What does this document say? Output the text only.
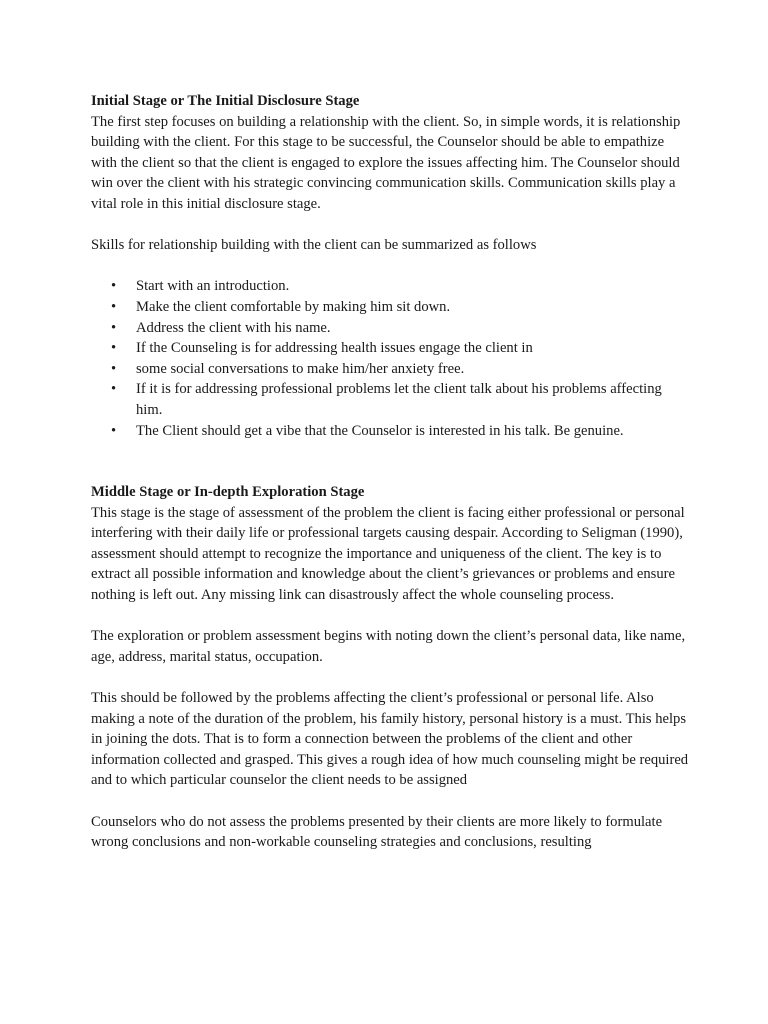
Initial Stage or The Initial Disclosure Stage

The first step focuses on building a relationship with the client. So, in simple words, it is relationship building with the client. For this stage to be successful, the Counselor should be able to empathize with the client so that the client is engaged to explore the issues affecting him. The Counselor should win over the client with his strategic convincing communication skills. Communication skills play a vital role in this initial disclosure stage.

Skills for relationship building with the client can be summarized as follows

• Start with an introduction.
• Make the client comfortable by making him sit down.
• Address the client with his name.
• If the Counseling is for addressing health issues engage the client in
• some social conversations to make him/her anxiety free.
• If it is for addressing professional problems let the client talk about his problems affecting him.
• The Client should get a vibe that the Counselor is interested in his talk. Be genuine.

Middle Stage or In-depth Exploration Stage

This stage is the stage of assessment of the problem the client is facing either professional or personal interfering with their daily life or professional targets causing despair. According to Seligman (1990), assessment should attempt to recognize the importance and uniqueness of the client. The key is to extract all possible information and knowledge about the client’s grievances or problems and ensure nothing is left out. Any missing link can disastrously affect the whole counseling process.

The exploration or problem assessment begins with noting down the client’s personal data, like name, age, address, marital status, occupation.

This should be followed by the problems affecting the client’s professional or personal life. Also making a note of the duration of the problem, his family history, personal history is a must. This helps in joining the dots. That is to form a connection between the problems of the client and other information collected and grasped. This gives a rough idea of how much counseling might be required and to which particular counselor the client needs to be assigned

Counselors who do not assess the problems presented by their clients are more likely to formulate wrong conclusions and non-workable counseling strategies and conclusions, resulting
